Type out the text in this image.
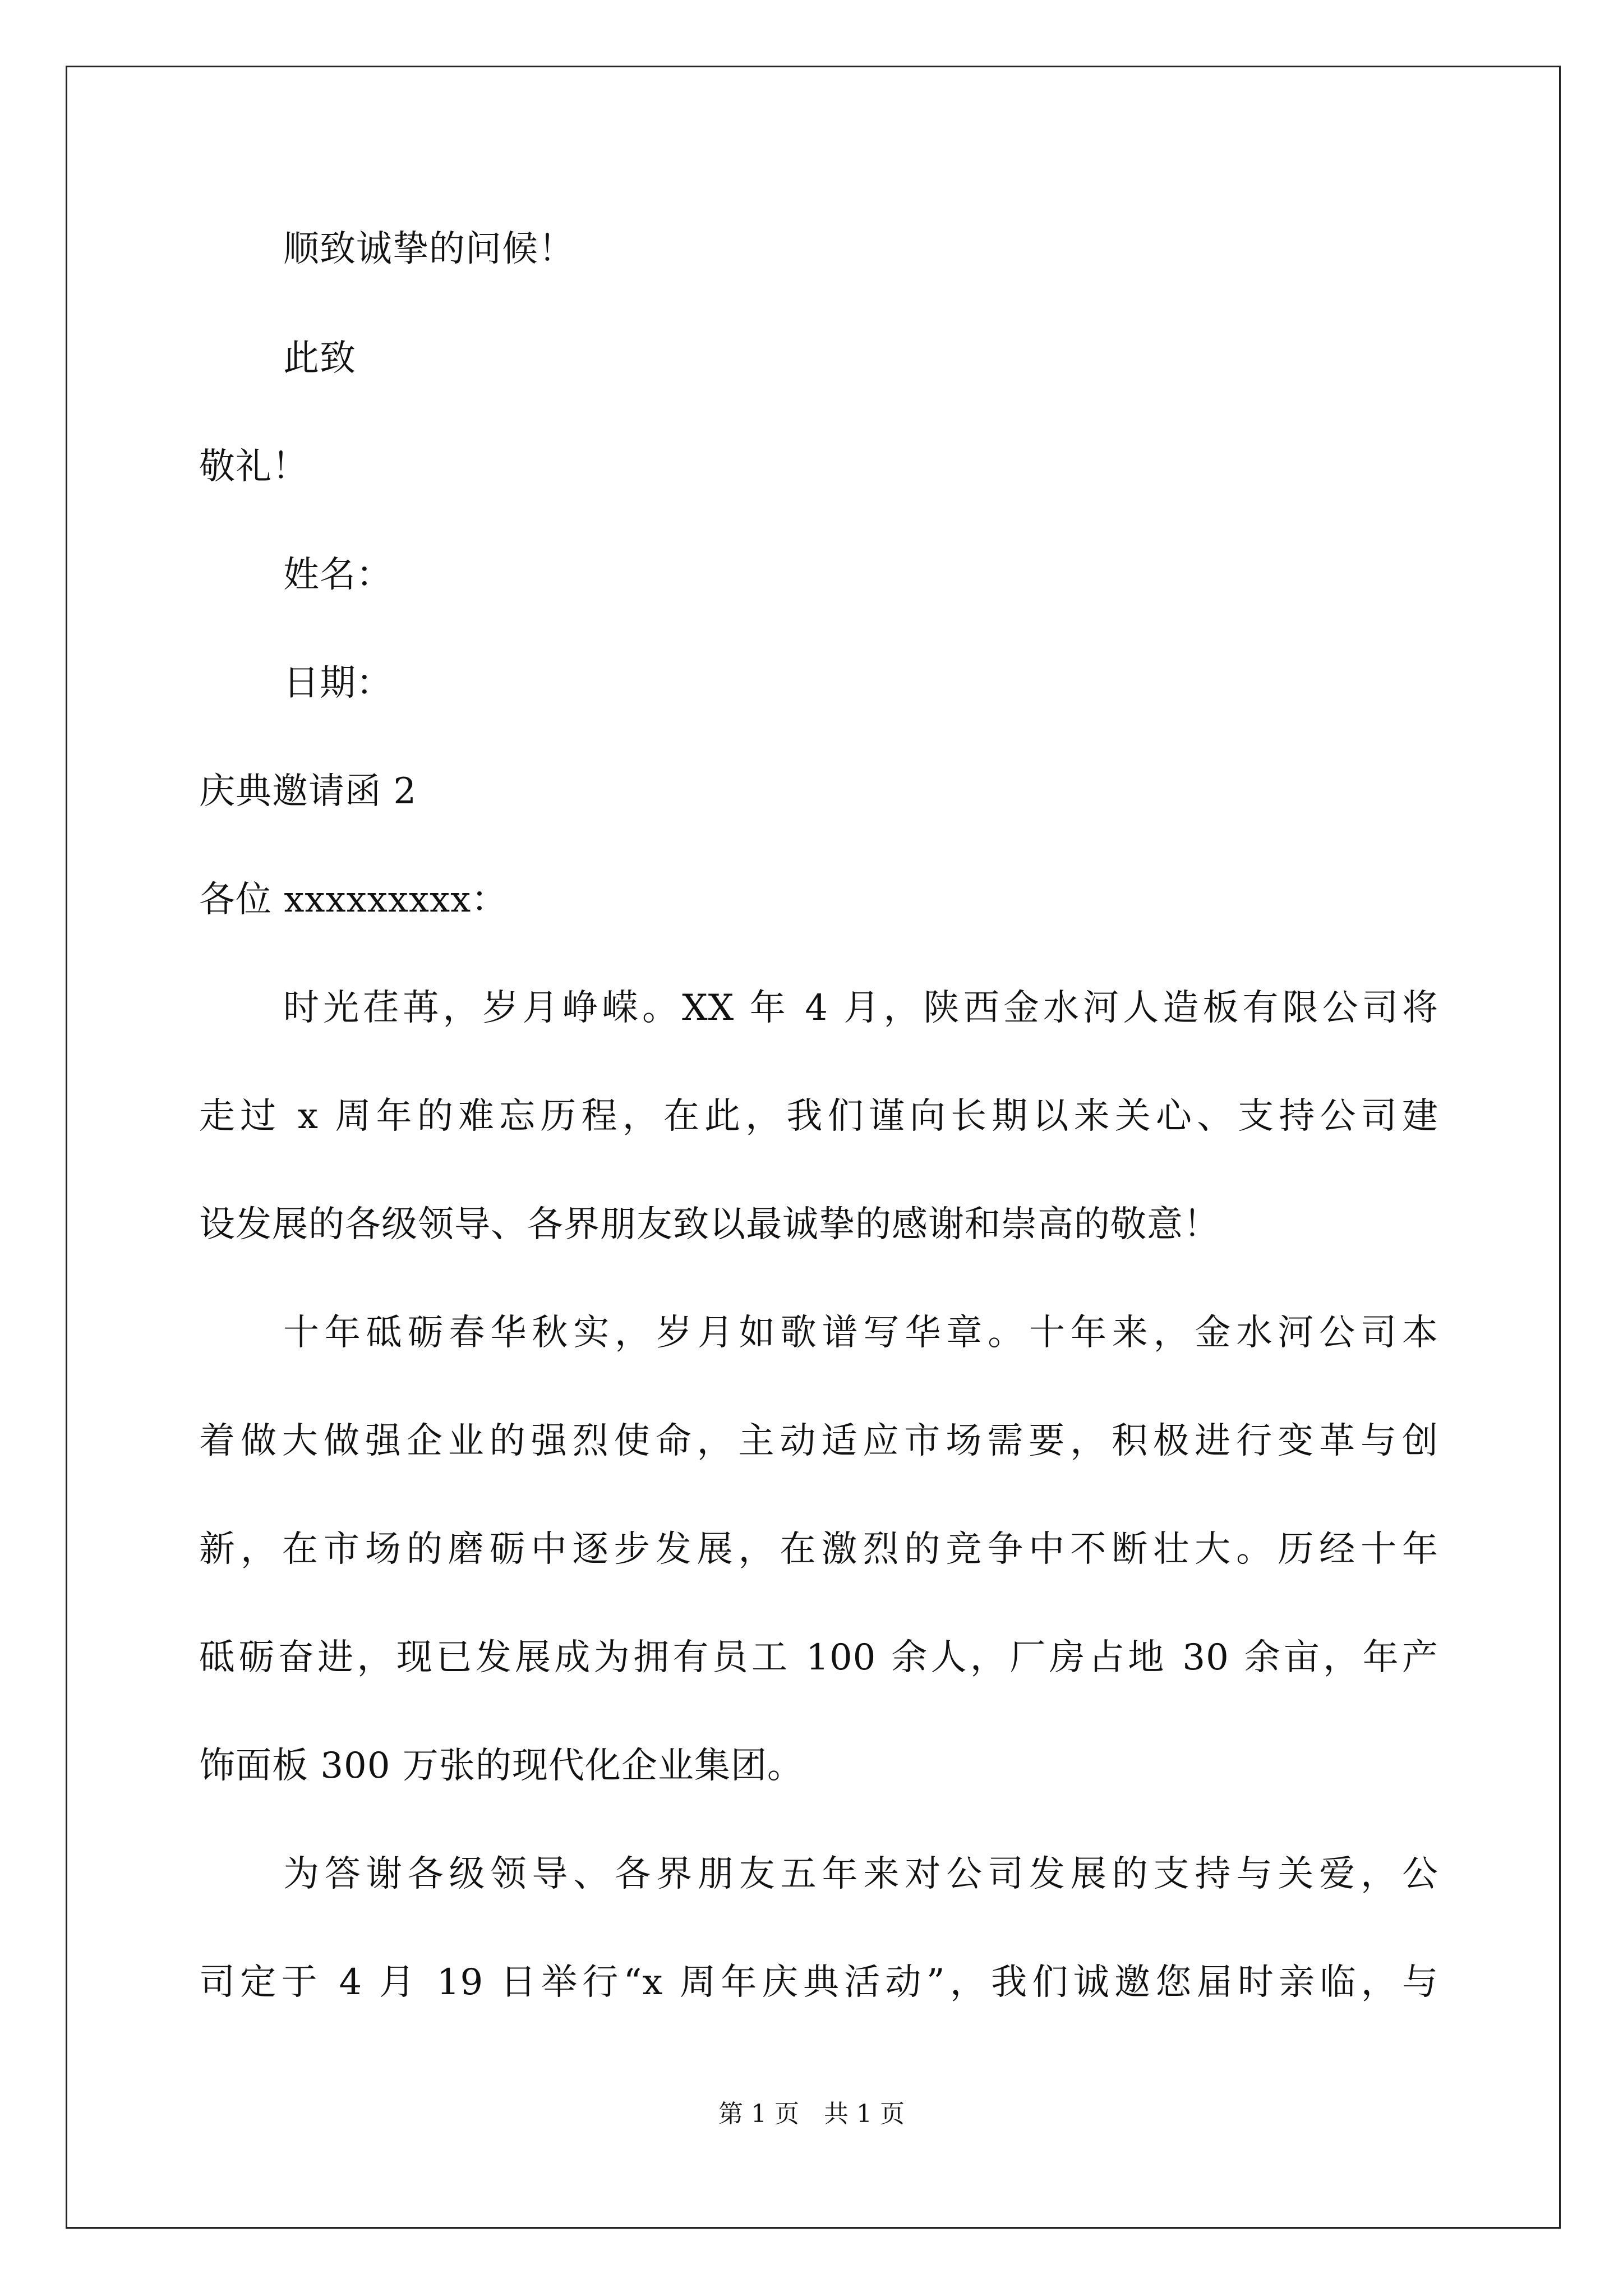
顺致诚挚的问候！
此致
敬礼！
姓名：
日期：
庆典邀请函 2
各位 xxxxxxxxx：
时光荏苒，岁月峥嵘。XX 年 4 月，陕西金水河人造板有限公司将
走过 x 周年的难忘历程，在此，我们谨向长期以来关心、支持公司建
设发展的各级领导、各界朋友致以最诚挚的感谢和崇高的敬意！
十年砥砺春华秋实，岁月如歌谱写华章。十年来，金水河公司本
着做大做强企业的强烈使命，主动适应市场需要，积极进行变革与创
新，在市场的磨砺中逐步发展，在激烈的竞争中不断壮大。历经十年
砥砺奋进，现已发展成为拥有员工 100 余人，厂房占地 30 余亩，年产
饰面板 300 万张的现代化企业集团。
为答谢各级领导、各界朋友五年来对公司发展的支持与关爱，公
司定于 4 月 19 日举行“x 周年庆典活动”，我们诚邀您届时亲临，与
第 1 页　共 1 页
